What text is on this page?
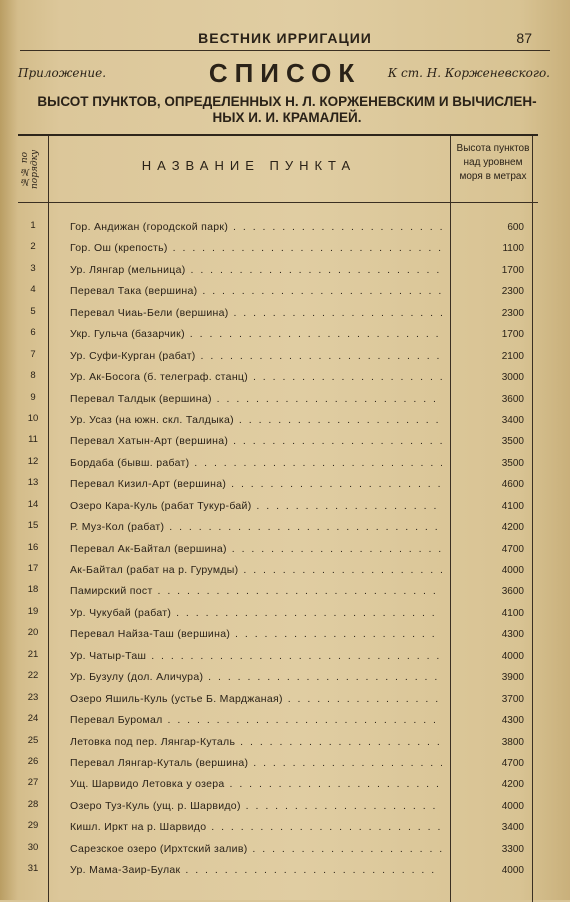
ВЕСТНИК ИРРИГАЦИИ	87
Приложение.	СПИСОК	К ст. Н. Корженевского.
ВЫСОТ ПУНКТОВ, ОПРЕДЕЛЕННЫХ Н. Л. КОРЖЕНЕВСКИМ И ВЫЧИСЛЕН-
НЫХ И. И. КРАМАЛЕЙ.
№№ по порядку	НАЗВАНИЕ ПУНКТА
Высота пунктов
над уровнем
моря в метрах
1	Гор. Андижан (городской парк) . . .	600
2	Гор. Ош (крепость) . . .	1100
3	Ур. Лянгар (мельница) . . .	1700
4	Перевал Така (вершина) . . .	2300
5	Перевал Чиаь-Бели (вершина) . . .	2300
6	Укр. Гульча (базарчик) . . .	1700
7	Ур. Суфи-Курган (рабат) . . .	2100
8	Ур. Ак-Босога (б. телеграф. станц) . . .	3000
9	Перевал Талдык (вершина) . . .	3600
10	Ур. Усаз (на южн. скл. Талдыка) . . .	3400
11	Перевал Хатын-Арт (вершина) . . .	3500
12	Бордаба (бывш. рабат) . . .	3500
13	Перевал Кизил-Арт (вершина) . . .	4600
14	Озеро Кара-Куль (рабат Тукур-бай) . . .	4100
15	Р. Муз-Кол (рабат) . . .	4200
16	Перевал Ак-Байтал (вершина) . . .	4700
17	Ак-Байтал (рабат на р. Гурумды) . . .	4000
18	Памирский пост . . .	3600
19	Ур. Чукубай (рабат) . . .	4100
20	Перевал Найза-Таш (вершина) . . .	4300
21	Ур. Чатыр-Таш . . .	4000
22	Ур. Бузулу (дол. Аличура) . . .	3900
23	Озеро Яшиль-Куль (устье Б. Марджаная) . . .	3700
24	Перевал Буромал . . .	4300
25	Летовка под пер. Лянгар-Куталь . . .	3800
26	Перевал Лянгар-Куталь (вершина) . . .	4700
27	Ущ. Шарвидо Летовка у озера . . .	4200
28	Озеро Туз-Куль (ущ. р. Шарвидо) . . .	4000
29	Кишл. Иркт на р. Шарвидо . . .	3400
30	Сарезское озеро (Ирхтский залив) . . .	3300
31	Ур. Мама-Заир-Булак . . .	4000
